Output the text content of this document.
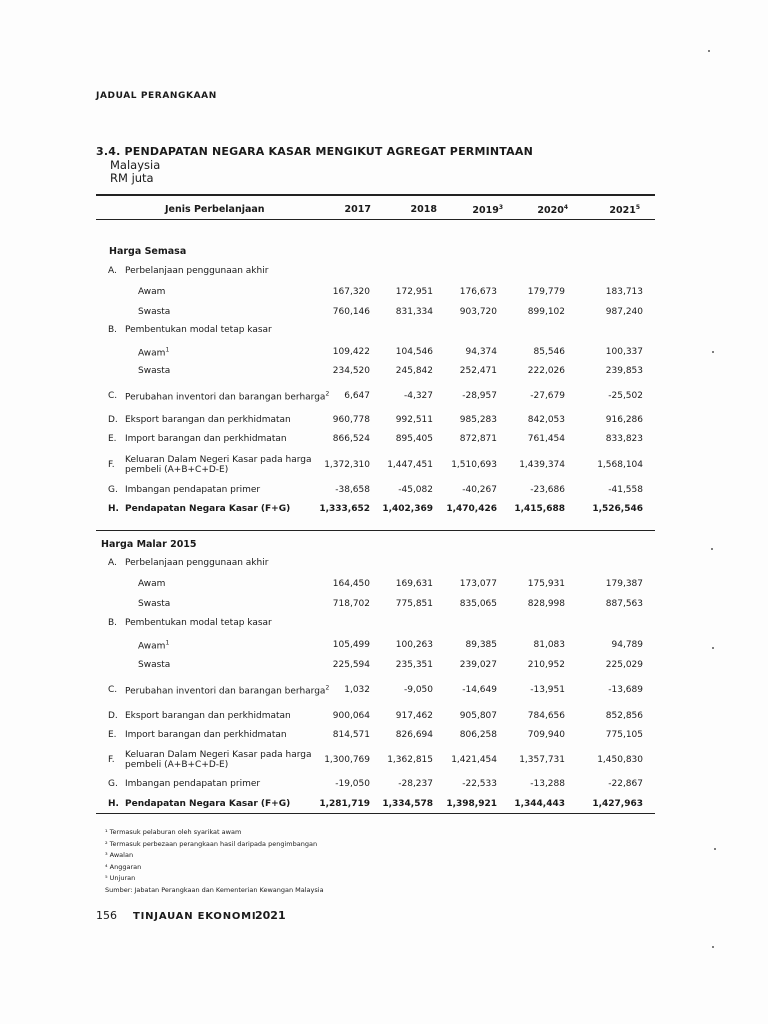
JADUAL PERANGKAAN
3.4. PENDAPATAN NEGARA KASAR MENGIKUT AGREGAT PERMINTAAN
Malaysia
RM juta
Jenis Perbelanjaan	2017	2018	2019$^3$	2020$^4$	2021$^5$
Harga Semasa
A. Perbelanjaan penggunaan akhir
Awam	167,320	172,951	176,673	179,779	183,713
Swasta	760,146	831,334	903,720	899,102	987,240
B. Pembentukan modal tetap kasar
Awam$^1$	109,422	104,546	94,374	85,546	100,337
Swasta	234,520	245,842	252,471	222,026	239,853
C. Perubahan inventori dan barangan berharga$^2$	6,647	-4,327	-28,957	-27,679	-25,502
D. Eksport barangan dan perkhidmatan	960,778	992,511	985,283	842,053	916,286
E. Import barangan dan perkhidmatan	866,524	895,405	872,871	761,454	833,823
F. Keluaran Dalam Negeri Kasar pada harga pembeli (A+B+C+D-E)	1,372,310	1,447,451	1,510,693	1,439,374	1,568,104
G. Imbangan pendapatan primer	-38,658	-45,082	-40,267	-23,686	-41,558
H. Pendapatan Negara Kasar (F+G)	1,333,652	1,402,369	1,470,426	1,415,688	1,526,546
Harga Malar 2015
A. Perbelanjaan penggunaan akhir
Awam	164,450	169,631	173,077	175,931	179,387
Swasta	718,702	775,851	835,065	828,998	887,563
B. Pembentukan modal tetap kasar
Awam$^1$	105,499	100,263	89,385	81,083	94,789
Swasta	225,594	235,351	239,027	210,952	225,029
C. Perubahan inventori dan barangan berharga$^2$	1,032	-9,050	-14,649	-13,951	-13,689
D. Eksport barangan dan perkhidmatan	900,064	917,462	905,807	784,656	852,856
E. Import barangan dan perkhidmatan	814,571	826,694	806,258	709,940	775,105
F. Keluaran Dalam Negeri Kasar pada harga pembeli (A+B+C+D-E)	1,300,769	1,362,815	1,421,454	1,357,731	1,450,830
G. Imbangan pendapatan primer	-19,050	-28,237	-22,533	-13,288	-22,867
H. Pendapatan Negara Kasar (F+G)	1,281,719	1,334,578	1,398,921	1,344,443	1,427,963
¹ Termasuk pelaburan oleh syarikat awam
² Termasuk perbezaan perangkaan hasil daripada pengimbangan
³ Awalan
⁴ Anggaran
⁵ Unjuran
Sumber: Jabatan Perangkaan dan Kementerian Kewangan Malaysia
156 TINJAUAN EKONOMI
2021
